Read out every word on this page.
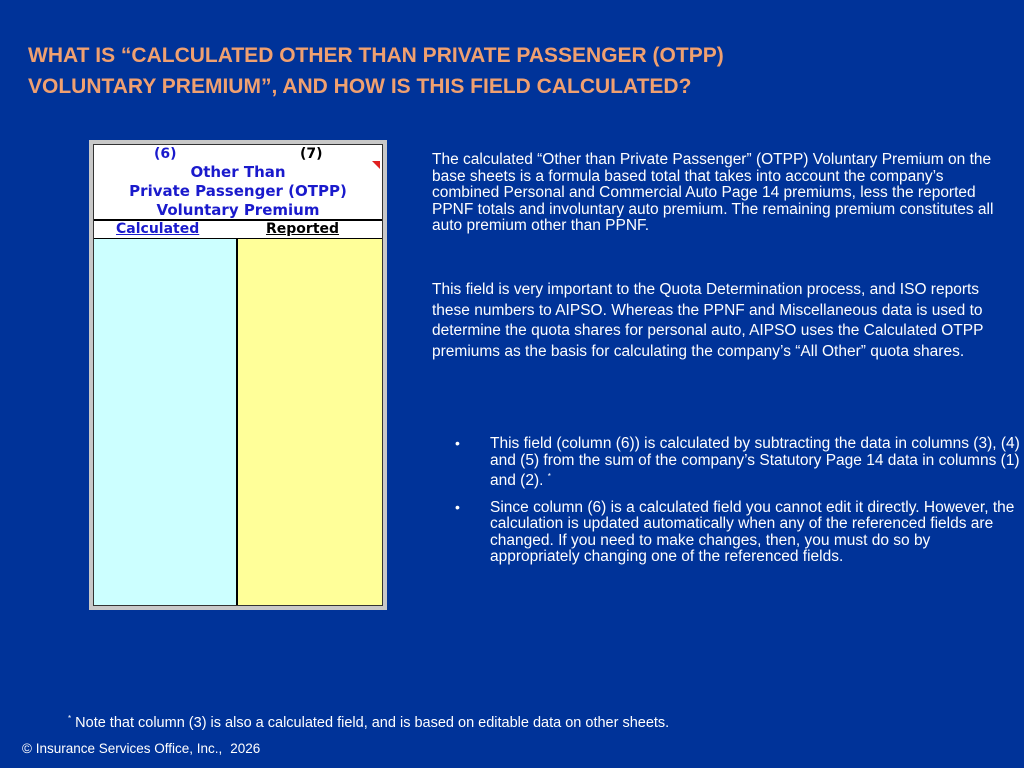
WHAT IS “CALCULATED OTHER THAN PRIVATE PASSENGER (OTPP)
VOLUNTARY PREMIUM”, AND HOW IS THIS FIELD CALCULATED?
(6)	(7)
Other Than
Private Passenger (OTPP)
Voluntary Premium
Calculated	Reported

The calculated “Other than Private Passenger” (OTPP) Voluntary Premium on the base sheets is a formula based total that takes into account the company’s combined Personal and Commercial Auto Page 14 premiums, less the reported PPNF totals and involuntary auto premium. The remaining premium constitutes all auto premium other than PPNF.

This field is very important to the Quota Determination process, and ISO reports these numbers to AIPSO. Whereas the PPNF and Miscellaneous data is used to determine the quota shares for personal auto, AIPSO uses the Calculated OTPP premiums as the basis for calculating the company’s “All Other” quota shares.

• This field (column (6)) is calculated by subtracting the data in columns (3), (4) and (5) from the sum of the company’s Statutory Page 14 data in columns (1) and (2). *
• Since column (6) is a calculated field you cannot edit it directly. However, the calculation is updated automatically when any of the referenced fields are changed. If you need to make changes, then, you must do so by appropriately changing one of the referenced fields.
* Note that column (3) is also a calculated field, and is based on editable data on other sheets.
© Insurance Services Office, Inc., 2026
